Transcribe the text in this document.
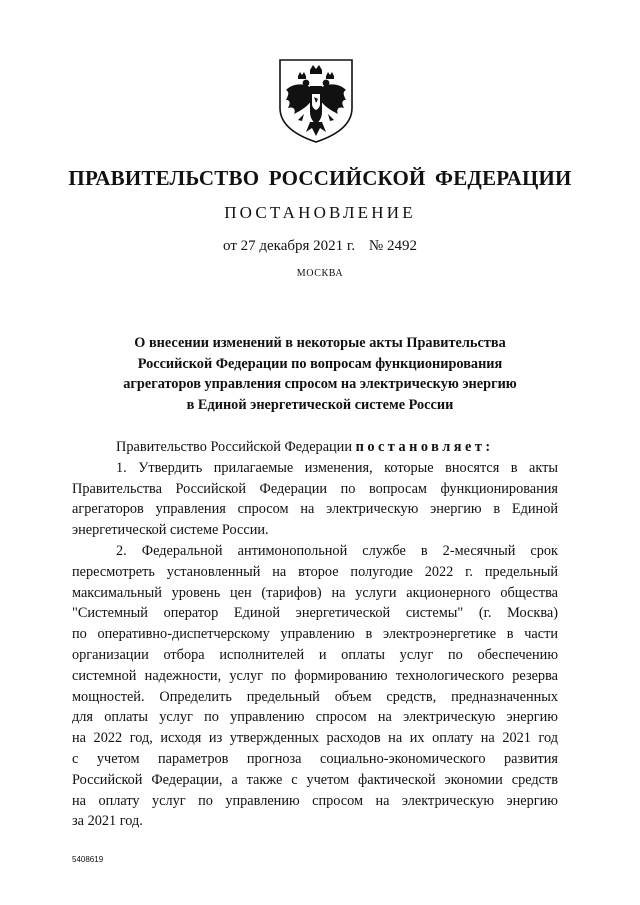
ПРАВИТЕЛЬСТВО РОССИЙСКОЙ ФЕДЕРАЦИИ
ПОСТАНОВЛЕНИЕ
от 27 декабря 2021 г. № 2492
МОСКВА
О внесении изменений в некоторые акты Правительства
Российской Федерации по вопросам функционирования
агрегаторов управления спросом на электрическую энергию
в Единой энергетической системе России
Правительство Российской Федерации постановляет:
1. Утвердить прилагаемые изменения, которые вносятся в акты
Правительства Российской Федерации по вопросам функционирования
агрегаторов управления спросом на электрическую энергию в Единой
энергетической системе России.
2. Федеральной антимонопольной службе в 2-месячный срок
пересмотреть установленный на второе полугодие 2022 г. предельный
максимальный уровень цен (тарифов) на услуги акционерного общества
"Системный оператор Единой энергетической системы" (г. Москва)
по оперативно-диспетчерскому управлению в электроэнергетике в части
организации отбора исполнителей и оплаты услуг по обеспечению
системной надежности, услуг по формированию технологического резерва
мощностей. Определить предельный объем средств, предназначенных
для оплаты услуг по управлению спросом на электрическую энергию
на 2022 год, исходя из утвержденных расходов на их оплату на 2021 год
с учетом параметров прогноза социально-экономического развития
Российской Федерации, а также с учетом фактической экономии средств
на оплату услуг по управлению спросом на электрическую энергию
за 2021 год.
5408619
